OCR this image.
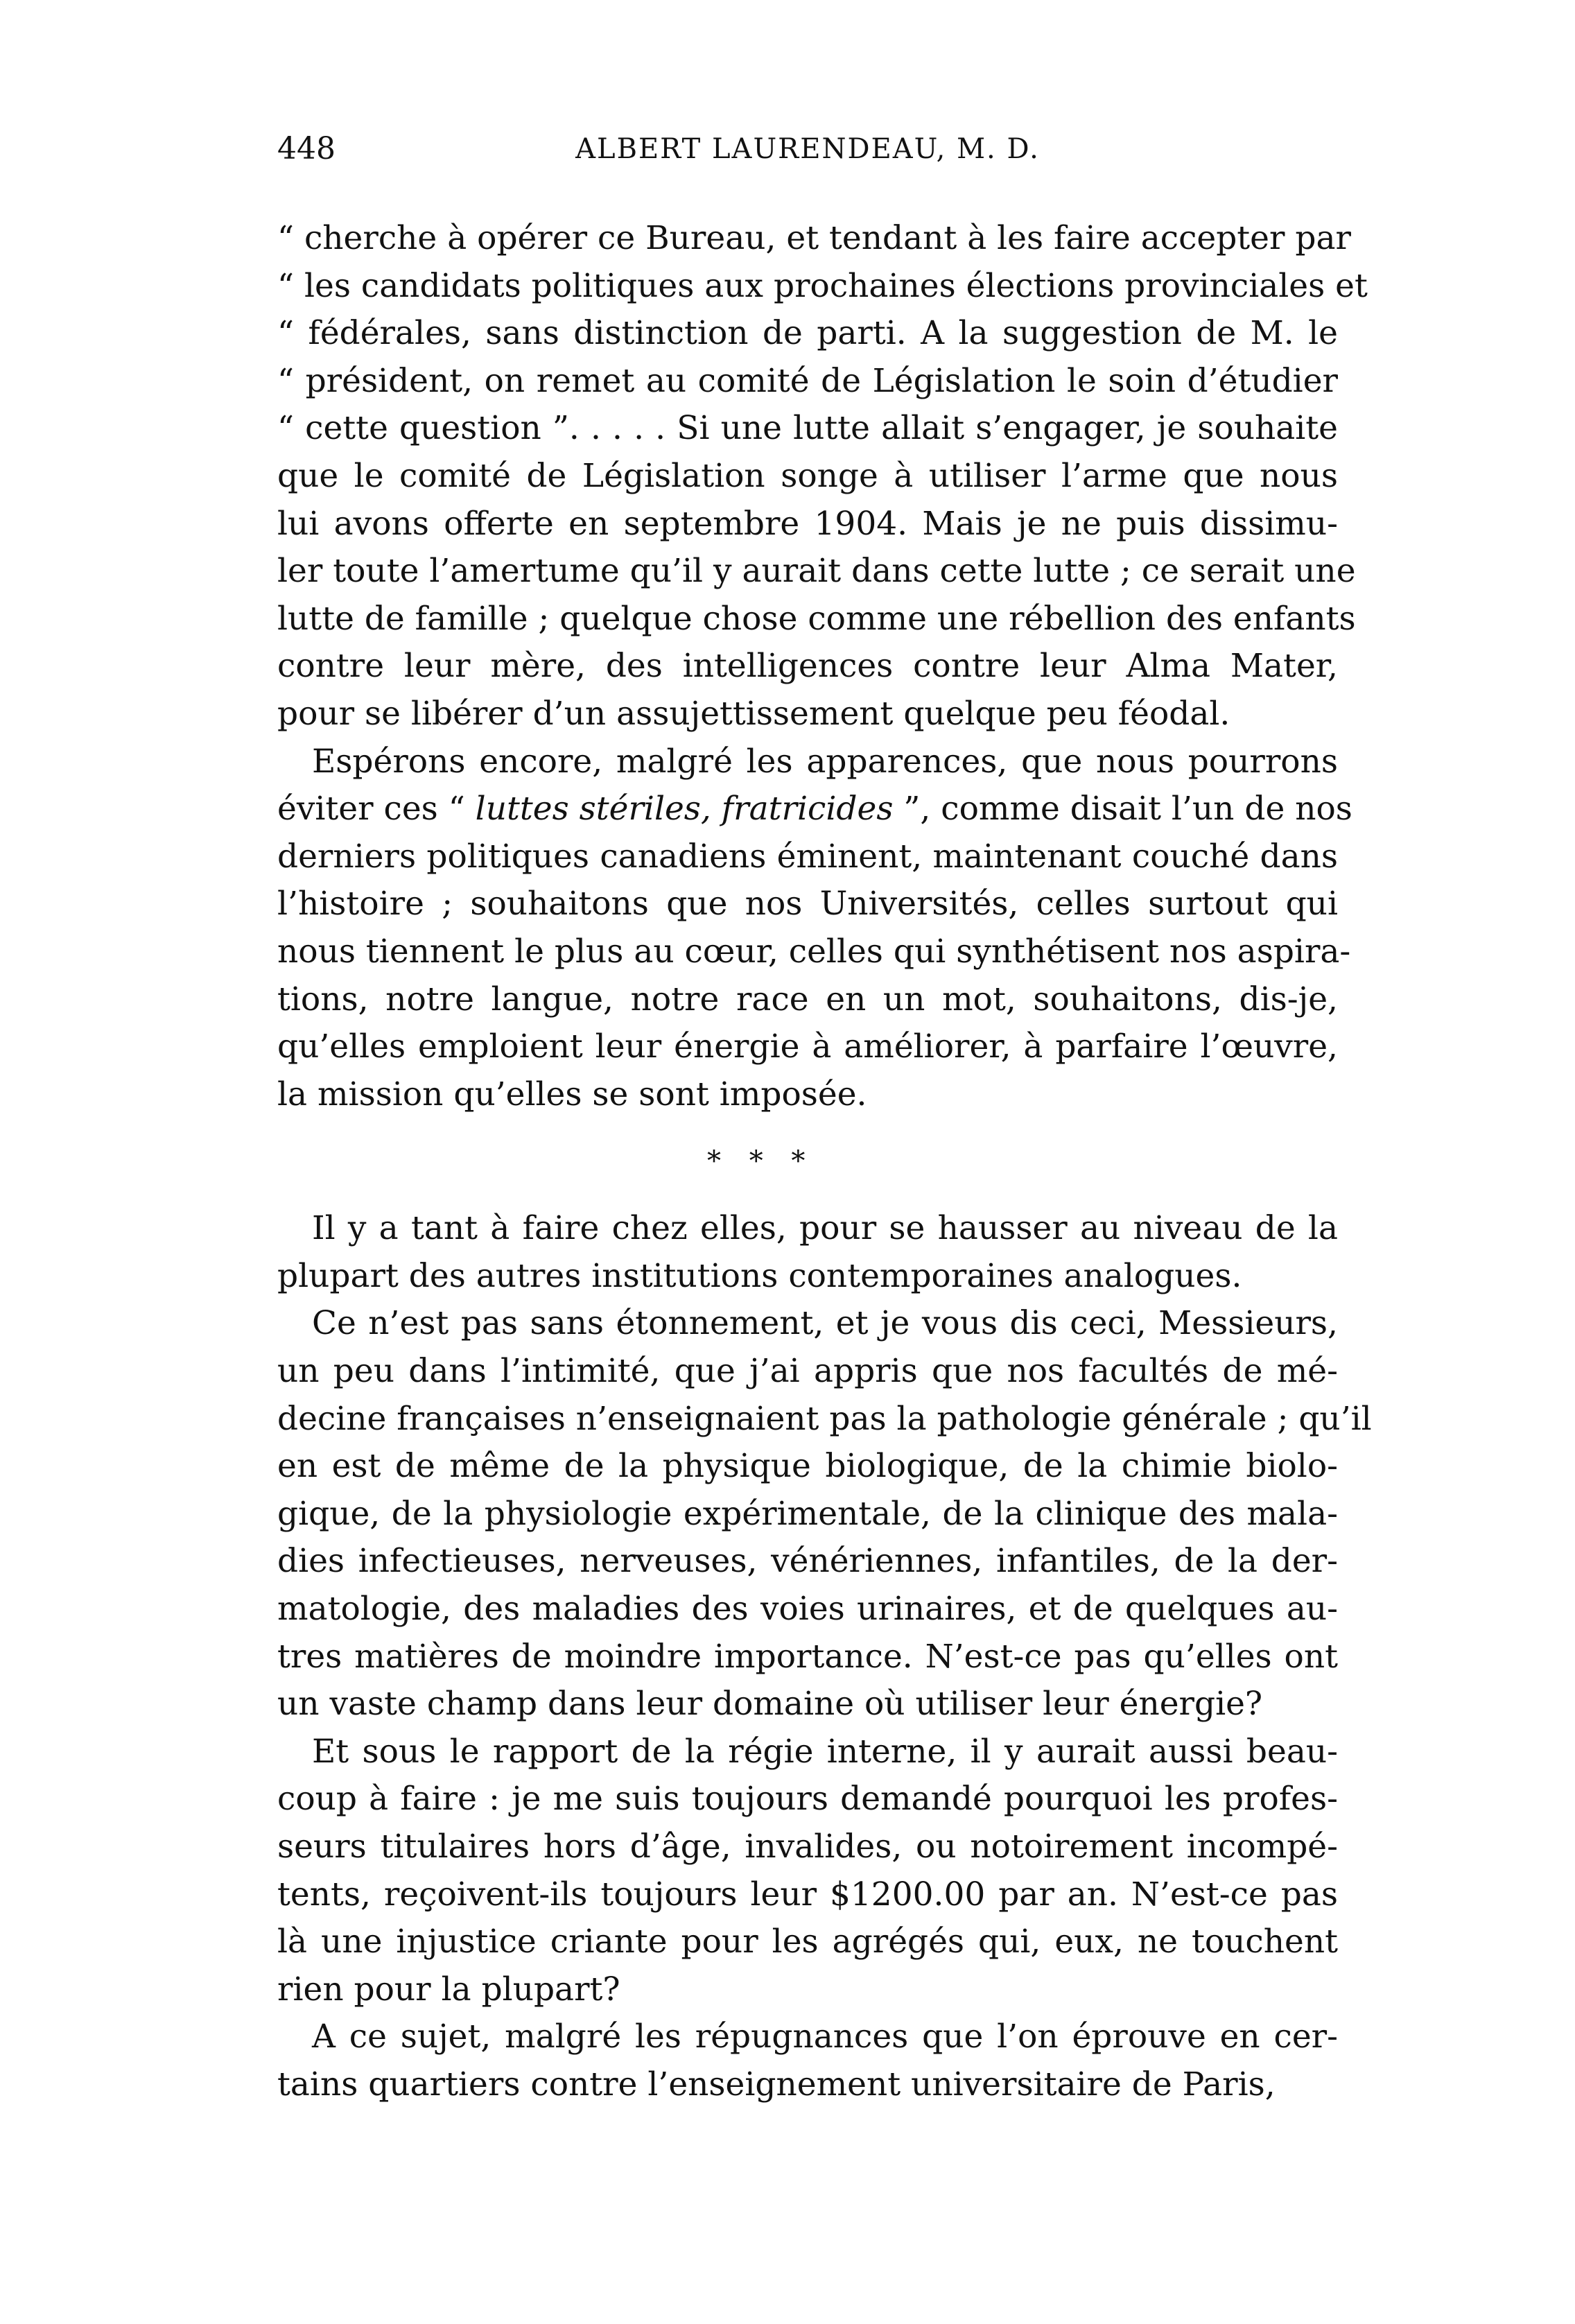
448	ALBERT LAURENDEAU, M. D.
“ cherche à opérer ce Bureau, et tendant à les faire accepter par
“ les candidats politiques aux prochaines élections provinciales et
“ fédérales, sans distinction de parti. A la suggestion de M. le
“ président, on remet au comité de Législation le soin d’étudier
“ cette question ”. . . . . Si une lutte allait s’engager, je souhaite
que le comité de Législation songe à utiliser l’arme que nous
lui avons offerte en septembre 1904. Mais je ne puis dissimu-
ler toute l’amertume qu’il y aurait dans cette lutte ; ce serait une
lutte de famille ; quelque chose comme une rébellion des enfants
contre leur mère, des intelligences contre leur Alma Mater,
pour se libérer d’un assujettissement quelque peu féodal.
Espérons encore, malgré les apparences, que nous pourrons
éviter ces “ luttes stériles, fratricides ”, comme disait l’un de nos
derniers politiques canadiens éminent, maintenant couché dans
l’histoire ; souhaitons que nos Universités, celles surtout qui
nous tiennent le plus au cœur, celles qui synthétisent nos aspira-
tions, notre langue, notre race en un mot, souhaitons, dis-je,
qu’elles emploient leur énergie à améliorer, à parfaire l’œuvre,
la mission qu’elles se sont imposée.
* * *
Il y a tant à faire chez elles, pour se hausser au niveau de la
plupart des autres institutions contemporaines analogues.
Ce n’est pas sans étonnement, et je vous dis ceci, Messieurs,
un peu dans l’intimité, que j’ai appris que nos facultés de mé-
decine françaises n’enseignaient pas la pathologie générale ; qu’il
en est de même de la physique biologique, de la chimie biolo-
gique, de la physiologie expérimentale, de la clinique des mala-
dies infectieuses, nerveuses, vénériennes, infantiles, de la der-
matologie, des maladies des voies urinaires, et de quelques au-
tres matières de moindre importance. N’est-ce pas qu’elles ont
un vaste champ dans leur domaine où utiliser leur énergie?
Et sous le rapport de la régie interne, il y aurait aussi beau-
coup à faire : je me suis toujours demandé pourquoi les profes-
seurs titulaires hors d’âge, invalides, ou notoirement incompé-
tents, reçoivent-ils toujours leur $1200.00 par an. N’est-ce pas
là une injustice criante pour les agrégés qui, eux, ne touchent
rien pour la plupart?
A ce sujet, malgré les répugnances que l’on éprouve en cer-
tains quartiers contre l’enseignement universitaire de Paris,
